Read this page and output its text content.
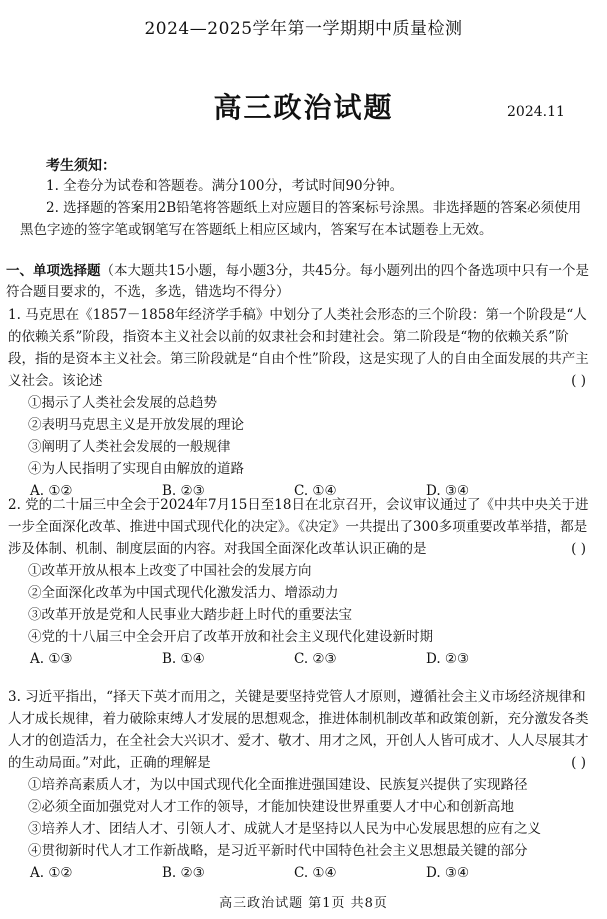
2024—2025学年第一学期期中质量检测
高三政治试题	2024.11
考生须知：
1. 全卷分为试卷和答题卷。满分100分，考试时间90分钟。
2. 选择题的答案用2B铅笔将答题纸上对应题目的答案标号涂黑。非选择题的答案必须使用黑色字迹的签字笔或钢笔写在答题纸上相应区域内，答案写在本试题卷上无效。
一、单项选择题（本大题共15小题，每小题3分，共45分。每小题列出的四个备选项中只有一个是符合题目要求的，不选，多选，错选均不得分）

1. 马克思在《1857－1858年经济学手稿》中划分了人类社会形态的三个阶段：第一个阶段是“人的依赖关系”阶段，指资本主义社会以前的奴隶社会和封建社会。第二阶段是“物的依赖关系”阶段，指的是资本主义社会。第三阶段就是“自由个性”阶段，这是实现了人的自由全面发展的共产主义社会。该论述	( )

①揭示了人类社会发展的总趋势

②表明马克思主义是开放发展的理论

③阐明了人类社会发展的一般规律

④为人民指明了实现自由解放的道路

A. ①②	B. ②③	C. ①④	D. ③④

2. 党的二十届三中全会于2024年7月15日至18日在北京召开，会议审议通过了《中共中央关于进一步全面深化改革、推进中国式现代化的决定》。《决定》一共提出了300多项重要改革举措，都是涉及体制、机制、制度层面的内容。对我国全面深化改革认识正确的是	( )

①改革开放从根本上改变了中国社会的发展方向

②全面深化改革为中国式现代化激发活力、增添动力

③改革开放是党和人民事业大踏步赶上时代的重要法宝

④党的十八届三中全会开启了改革开放和社会主义现代化建设新时期

A. ①③	B. ①④	C. ②③	D. ②③

3. 习近平指出，“择天下英才而用之，关键是要坚持党管人才原则，遵循社会主义市场经济规律和人才成长规律，着力破除束缚人才发展的思想观念，推进体制机制改革和政策创新，充分激发各类人才的创造活力，在全社会大兴识才、爱才、敬才、用才之风，开创人人皆可成才、人人尽展其才的生动局面。”对此，正确的理解是	( )

①培养高素质人才，为以中国式现代化全面推进强国建设、民族复兴提供了实现路径

②必须全面加强党对人才工作的领导，才能加快建设世界重要人才中心和创新高地

③培养人才、团结人才、引领人才、成就人才是坚持以人民为中心发展思想的应有之义

④贯彻新时代人才工作新战略，是习近平新时代中国特色社会主义思想最关键的部分

A. ①②	B. ②③	C. ①④	D. ③④
高三政治试题 第1页 共8页
